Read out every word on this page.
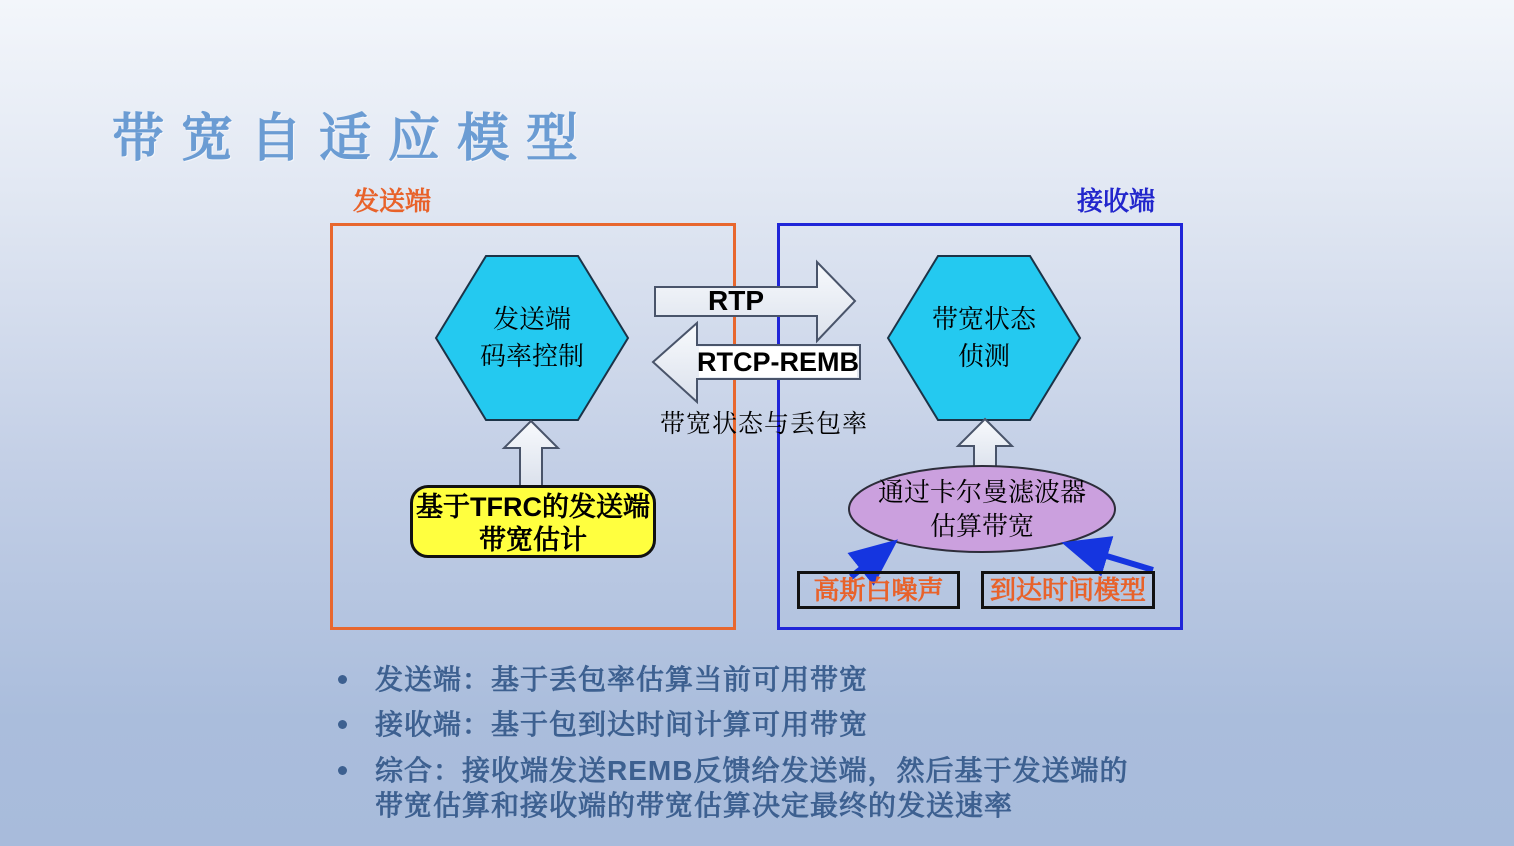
带宽自适应模型
发送端	接收端
发送端
码率控制
带宽状态
侦测
RTP
RTCP-REMB
带宽状态与丢包率
基于TFRC的发送端
带宽估计
通过卡尔曼滤波器
估算带宽
高斯白噪声	到达时间模型
发送端：基于丢包率估算当前可用带宽
接收端：基于包到达时间计算可用带宽
综合：接收端发送REMB反馈给发送端，然后基于发送端的
带宽估算和接收端的带宽估算决定最终的发送速率
